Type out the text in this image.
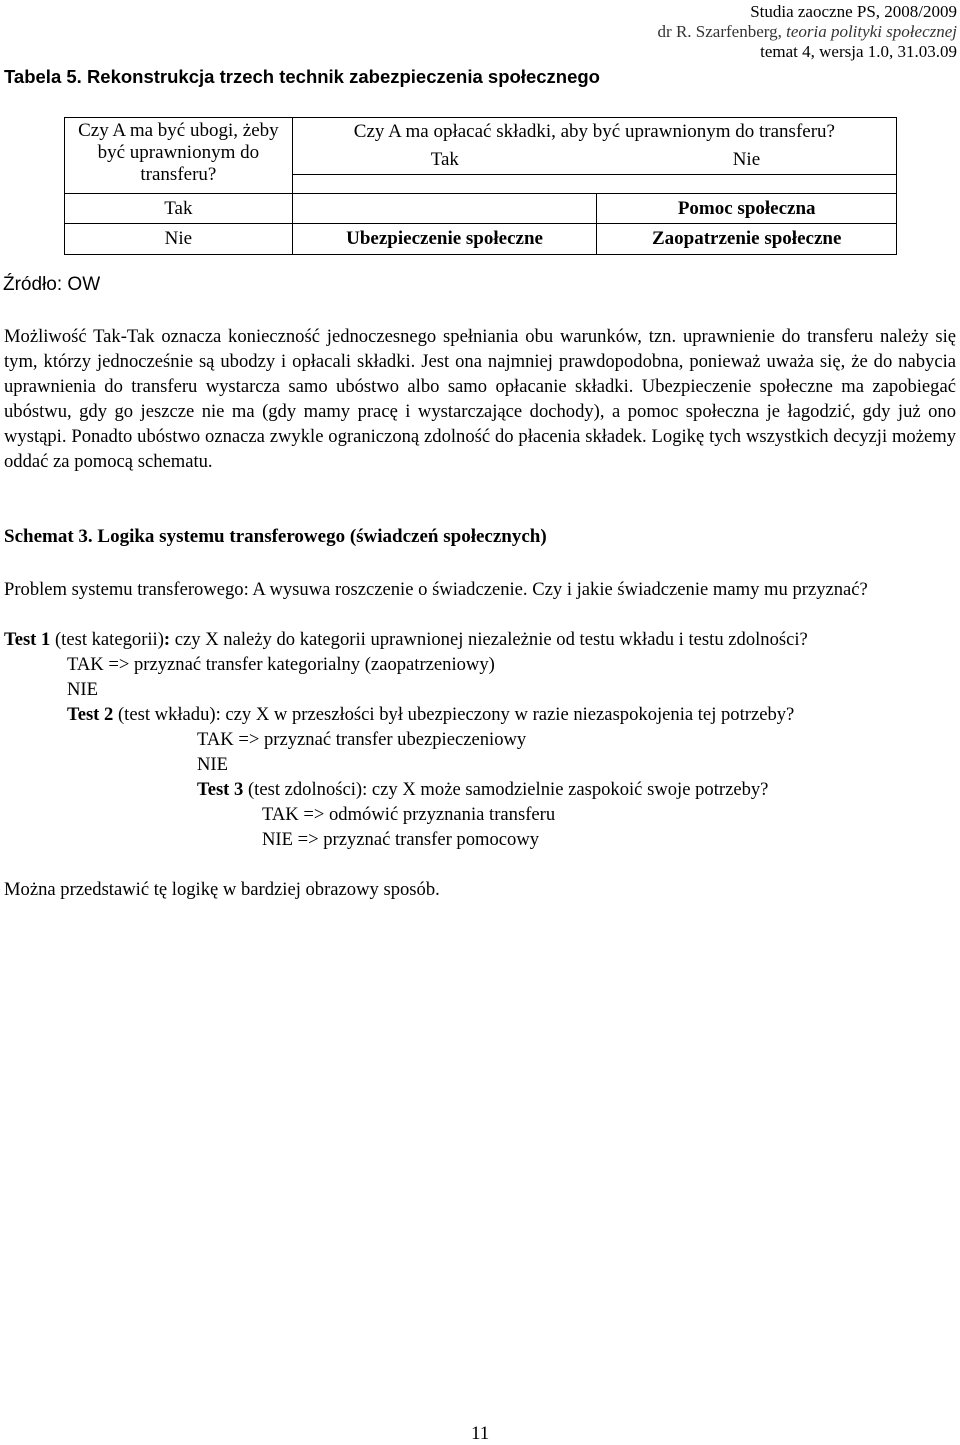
Studia zaoczne PS, 2008/2009
dr R. Szarfenberg, teoria polityki społecznej
temat 4, wersja 1.0, 31.03.09
Tabela 5. Rekonstrukcja trzech technik zabezpieczenia społecznego
Czy A ma być ubogi, żeby być uprawnionym do transferu?	Czy A ma opłacać składki, aby być uprawnionym do transferu?	
	Tak	Nie

Tak		Pomoc społeczna
Nie	Ubezpieczenie społeczne	Zaopatrzenie społeczne
Źródło: OW
Możliwość Tak-Tak oznacza konieczność jednoczesnego spełniania obu warunków, tzn. uprawnienie do transferu należy się tym, którzy jednocześnie są ubodzy i opłacali składki. Jest ona najmniej prawdopodobna, ponieważ uważa się, że do nabycia uprawnienia do transferu wystarcza samo ubóstwo albo samo opłacanie składki. Ubezpieczenie społeczne ma zapobiegać ubóstwu, gdy go jeszcze nie ma (gdy mamy pracę i wystarczające dochody), a pomoc społeczna je łagodzić, gdy już ono wystąpi. Ponadto ubóstwo oznacza zwykle ograniczoną zdolność do płacenia składek. Logikę tych wszystkich decyzji możemy oddać za pomocą schematu.
Schemat 3. Logika systemu transferowego (świadczeń społecznych)
Problem systemu transferowego: A wysuwa roszczenie o świadczenie. Czy i jakie świadczenie mamy mu przyznać?
Test 1 (test kategorii): czy X należy do kategorii uprawnionej niezależnie od testu wkładu i testu zdolności?
TAK => przyznać transfer kategorialny (zaopatrzeniowy)
NIE
Test 2 (test wkładu): czy X w przeszłości był ubezpieczony w razie niezaspokojenia tej potrzeby?
TAK => przyznać transfer ubezpieczeniowy
NIE
Test 3 (test zdolności): czy X może samodzielnie zaspokoić swoje potrzeby?
TAK => odmówić przyznania transferu
NIE => przyznać transfer pomocowy
Można przedstawić tę logikę w bardziej obrazowy sposób.
11
